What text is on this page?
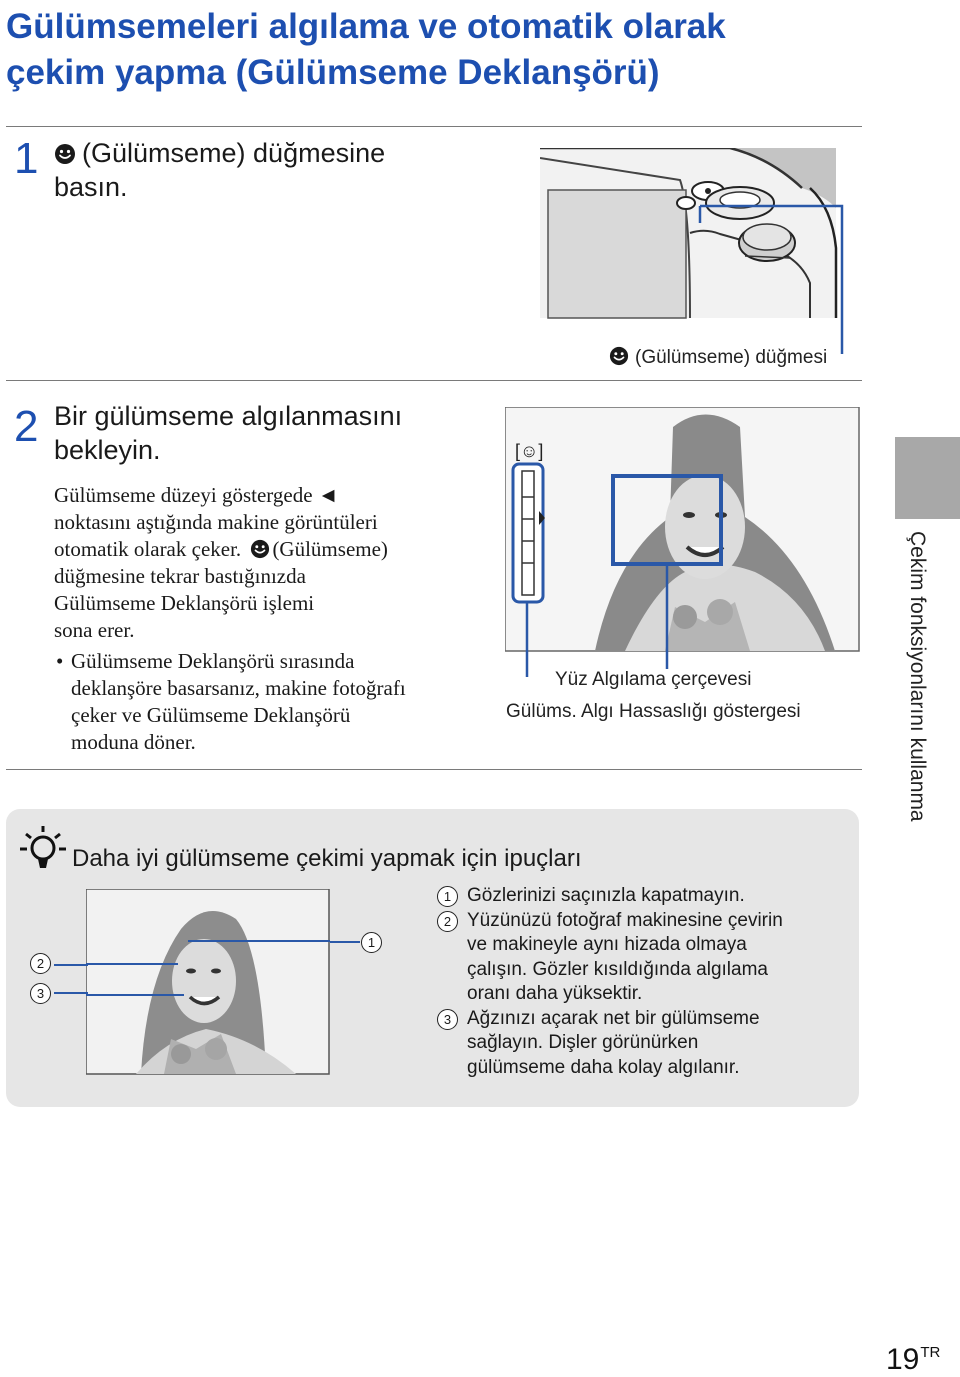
Gülümsemeleri algılama ve otomatik olarak
çekim yapma (Gülümseme Deklanşörü)
1	(Gülümseme) düğmesine
basın.
(Gülümseme) düğmesi
2 Bir gülümseme algılanmasını
bekleyin.
Gülümseme düzeyi göstergede ◄
noktasını aştığında makine görüntüleri
otomatik olarak çeker. (Gülümseme)
düğmesine tekrar bastığınızda
Gülümseme Deklanşörü işlemi
sona erer.
• Gülümseme Deklanşörü sırasında
deklanşöre basarsanız, makine fotoğrafı
çeker ve Gülümseme Deklanşörü
moduna döner.
[☺]
Yüz Algılama çerçevesi
Gülüms. Algı Hassaslığı göstergesi
Daha iyi gülümseme çekimi yapmak için ipuçları
1
2
3
1 Gözlerinizi saçınızla kapatmayın.
2 Yüzünüzü fotoğraf makinesine çevirin
ve makineyle aynı hizada olmaya
çalışın. Gözler kısıldığında algılama
oranı daha yüksektir.
3 Ağzınızı açarak net bir gülümseme
sağlayın. Dişler görünürken
gülümseme daha kolay algılanır.
Çekim fonksiyonlarını kullanma
$19^{TR}$
